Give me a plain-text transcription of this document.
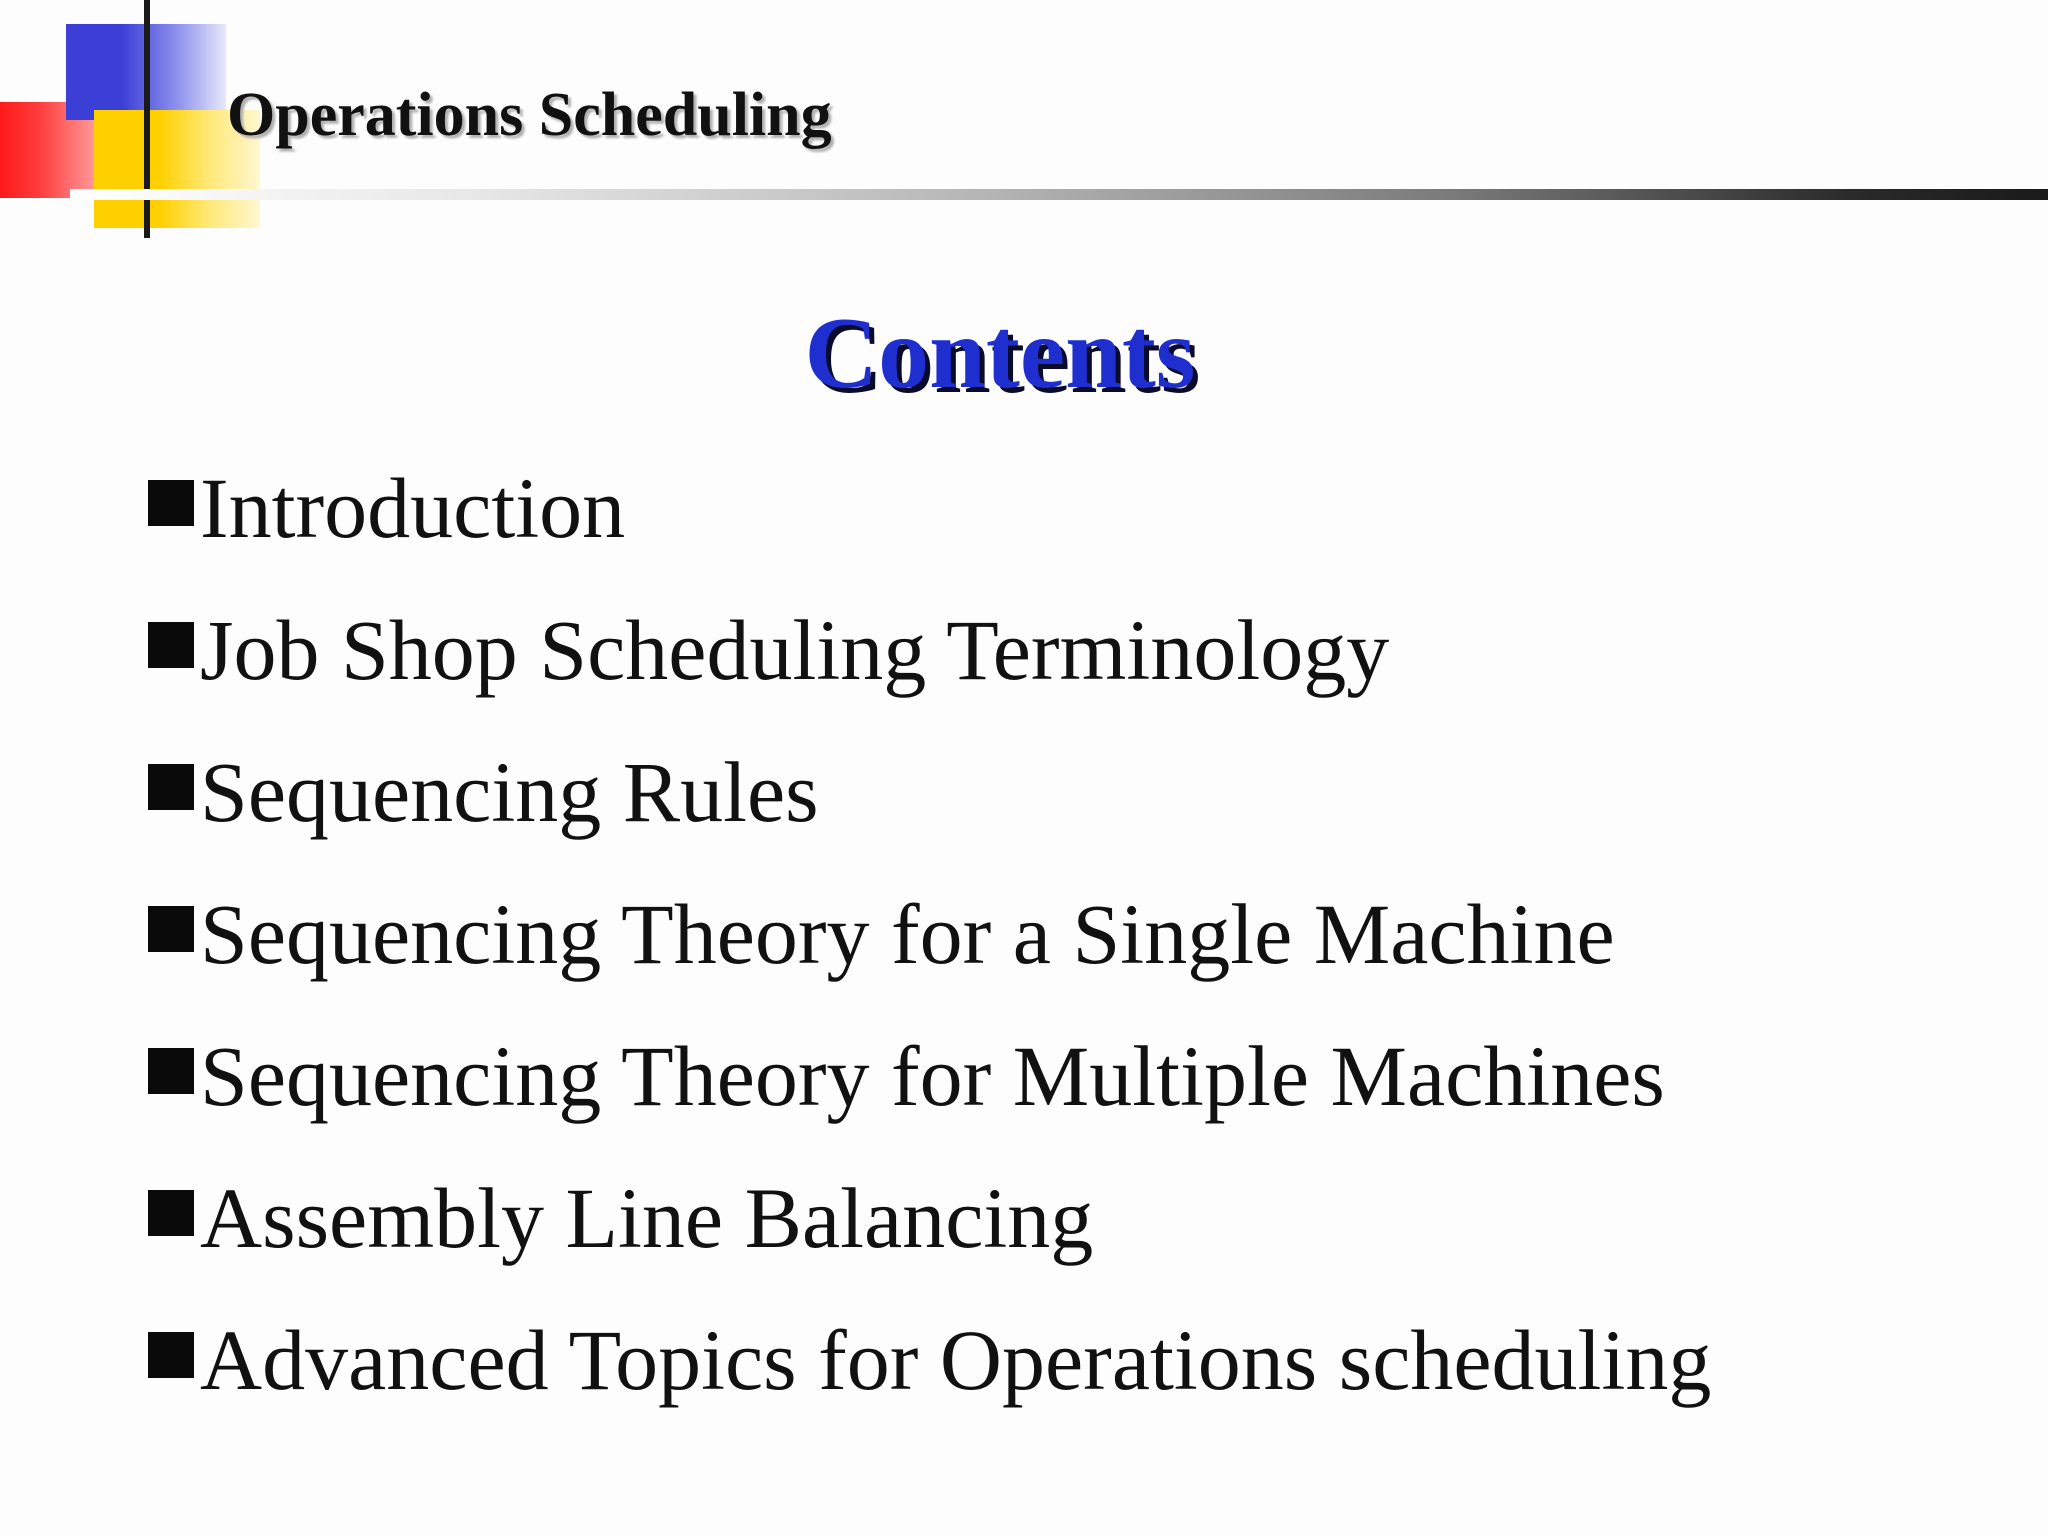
Operations Scheduling
Contents
Introduction
Job Shop Scheduling Terminology
Sequencing Rules
Sequencing Theory for a Single Machine
Sequencing Theory for Multiple Machines
Assembly Line Balancing
Advanced Topics for Operations scheduling
